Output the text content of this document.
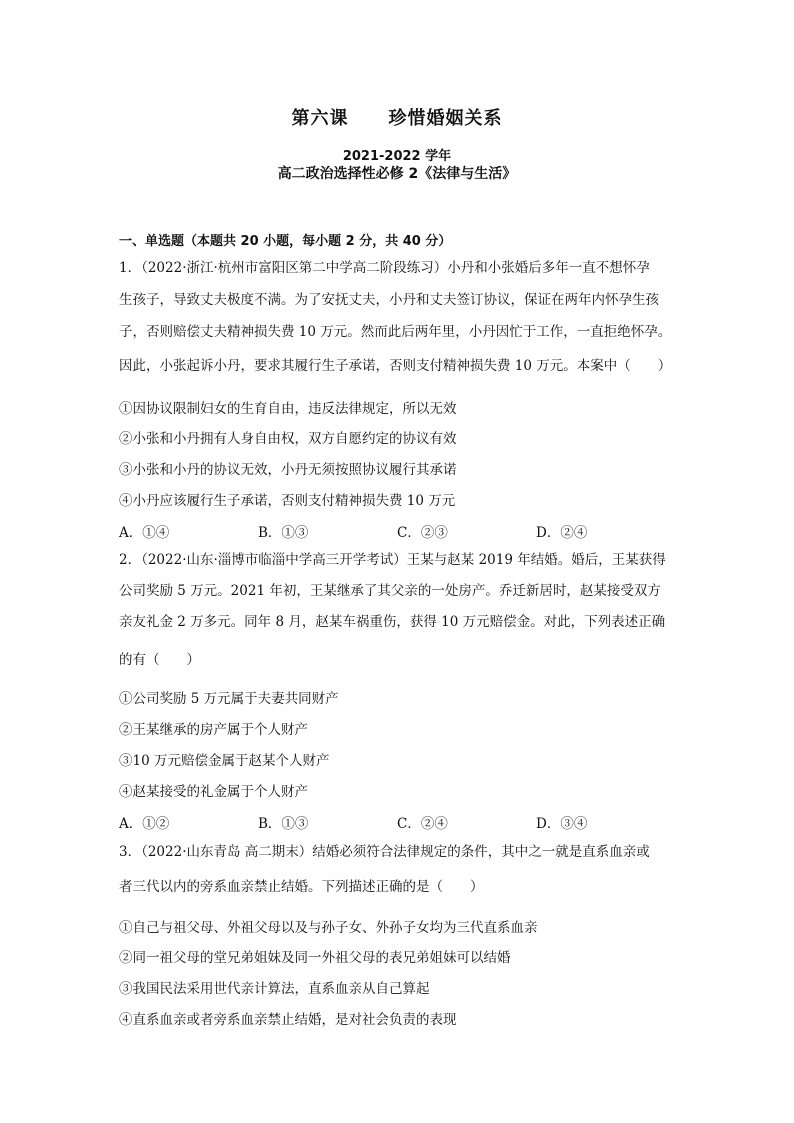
第六课 珍惜婚姻关系
2021-2022 学年
高二政治选择性必修 2《法律与生活》
一、单选题（本题共 20 小题，每小题 2 分，共 40 分）
1．（2022·浙江·杭州市富阳区第二中学高二阶段练习）小丹和小张婚后多年一直不想怀孕
生孩子，导致丈夫极度不满。为了安抚丈夫，小丹和丈夫签订协议，保证在两年内怀孕生孩
子，否则赔偿丈夫精神损失费 10 万元。然而此后两年里，小丹因忙于工作，一直拒绝怀孕。
因此，小张起诉小丹，要求其履行生子承诺，否则支付精神损失费 10 万元。本案中（　　）
①因协议限制妇女的生育自由，违反法律规定，所以无效
②小张和小丹拥有人身自由权，双方自愿约定的协议有效
③小张和小丹的协议无效，小丹无须按照协议履行其承诺
④小丹应该履行生子承诺，否则支付精神损失费 10 万元
A．①④	B．①③	C．②③	D．②④
2．（2022·山东·淄博市临淄中学高三开学考试）王某与赵某 2019 年结婚。婚后，王某获得
公司奖励 5 万元。2021 年初，王某继承了其父亲的一处房产。乔迁新居时，赵某接受双方
亲友礼金 2 万多元。同年 8 月，赵某车祸重伤，获得 10 万元赔偿金。对此，下列表述正确
的有（　　）
①公司奖励 5 万元属于夫妻共同财产
②王某继承的房产属于个人财产
③10 万元赔偿金属于赵某个人财产
④赵某接受的礼金属于个人财产
A．①②	B．①③	C．②④	D．③④
3．（2022·山东青岛 高二期末）结婚必须符合法律规定的条件，其中之一就是直系血亲或
者三代以内的旁系血亲禁止结婚。下列描述正确的是（　　）
①自己与祖父母、外祖父母以及与孙子女、外孙子女均为三代直系血亲
②同一祖父母的堂兄弟姐妹及同一外祖父母的表兄弟姐妹可以结婚
③我国民法采用世代亲计算法，直系血亲从自己算起
④直系血亲或者旁系血亲禁止结婚，是对社会负责的表现
